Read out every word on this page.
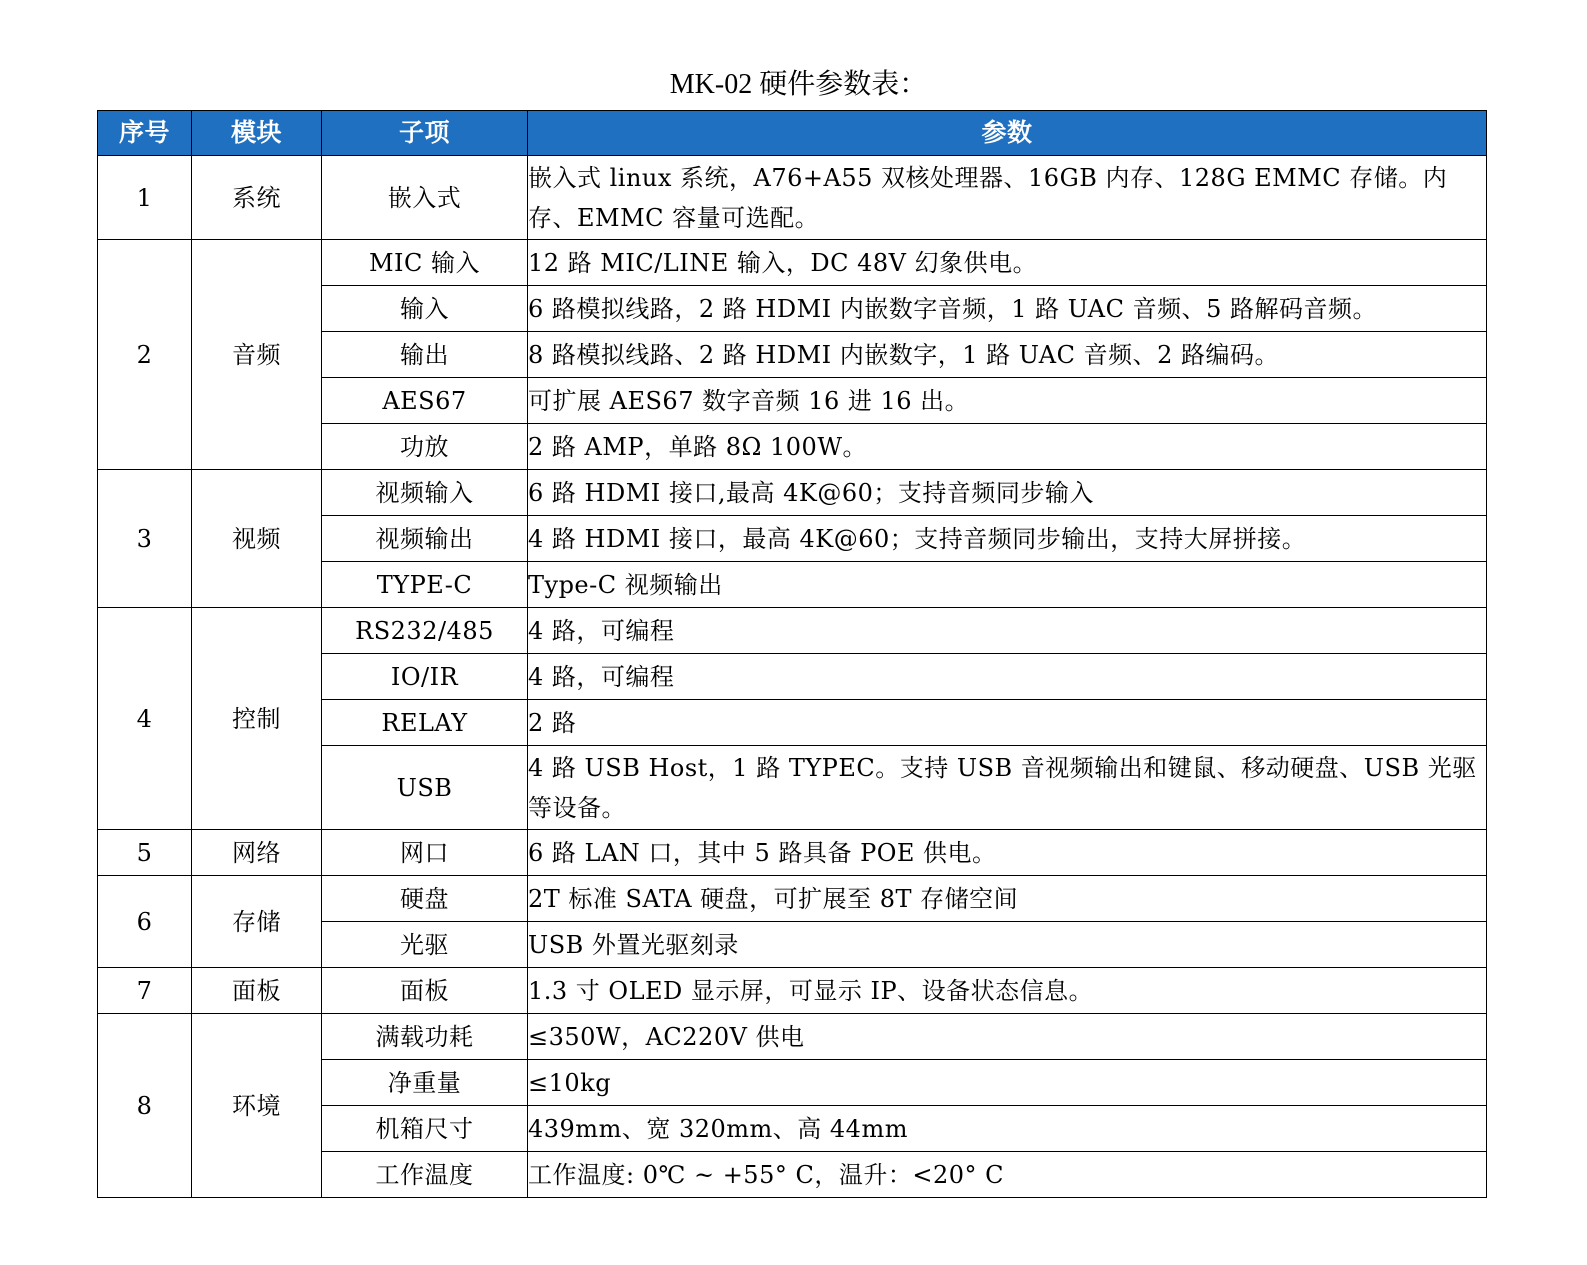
MK-02 硬件参数表：
序号	模块	子项	参数
1	系统	嵌入式	嵌入式 linux 系统，A76+A55 双核处理器、16GB 内存、128G EMMC 存储。内存、EMMC 容量可选配。
2	音频	MIC 输入	12 路 MIC/LINE 输入，DC 48V 幻象供电。
		输入	6 路模拟线路，2 路 HDMI 内嵌数字音频，1 路 UAC 音频、5 路解码音频。
		输出	8 路模拟线路、2 路 HDMI 内嵌数字，1 路 UAC 音频、2 路编码。
		AES67	可扩展 AES67 数字音频 16 进 16 出。
		功放	2 路 AMP，单路 8Ω 100W。
3	视频	视频输入	6 路 HDMI 接口,最高 4K@60；支持音频同步输入
		视频输出	4 路 HDMI 接口，最高 4K@60；支持音频同步输出，支持大屏拼接。
		TYPE-C	Type-C 视频输出
4	控制	RS232/485	4 路，可编程
		IO/IR	4 路，可编程
		RELAY	2 路
		USB	4 路 USB Host，1 路 TYPEC。支持 USB 音视频输出和键鼠、移动硬盘、USB 光驱等设备。
5	网络	网口	6 路 LAN 口，其中 5 路具备 POE 供电。
6	存储	硬盘	2T 标准 SATA 硬盘，可扩展至 8T 存储空间
		光驱	USB 外置光驱刻录
7	面板	面板	1.3 寸 OLED 显示屏，可显示 IP、设备状态信息。
8	环境	满载功耗	≤350W，AC220V 供电
		净重量	≤10kg
		机箱尺寸	439mm、宽 320mm、高 44mm
		工作温度	工作温度: 0℃ ~ +55° C，温升：<20° C
